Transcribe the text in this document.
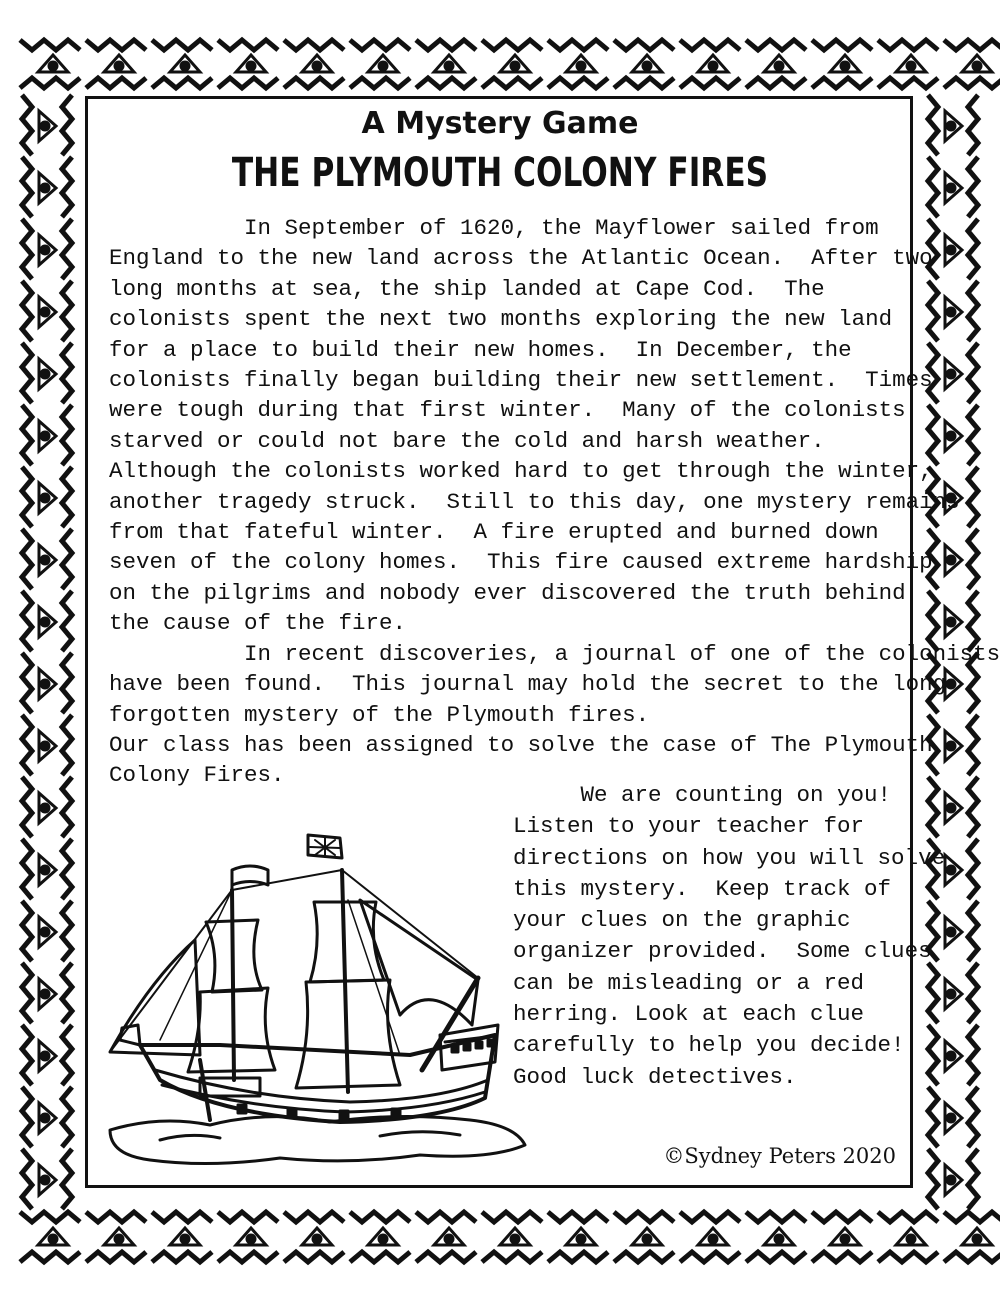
A Mystery Game
THE PLYMOUTH COLONY FIRES
In September of 1620, the Mayflower sailed from
England to the new land across the Atlantic Ocean.  After two
long months at sea, the ship landed at Cape Cod.  The
colonists spent the next two months exploring the new land
for a place to build their new homes.  In December, the
colonists finally began building their new settlement.  Times
were tough during that first winter.  Many of the colonists
starved or could not bare the cold and harsh weather.
Although the colonists worked hard to get through the winter,
another tragedy struck.  Still to this day, one mystery remains
from that fateful winter.  A fire erupted and burned down
seven of the colony homes.  This fire caused extreme hardship
on the pilgrims and nobody ever discovered the truth behind
the cause of the fire.
In recent discoveries, a journal of one of the colonists
have been found.  This journal may hold the secret to the long
forgotten mystery of the Plymouth fires.
Our class has been assigned to solve the case of The Plymouth
Colony Fires.
We are counting on you!
Listen to your teacher for
directions on how you will solve
this mystery.  Keep track of
your clues on the graphic
organizer provided.  Some clues
can be misleading or a red
herring. Look at each clue
carefully to help you decide!
Good luck detectives.
©Sydney Peters 2020
